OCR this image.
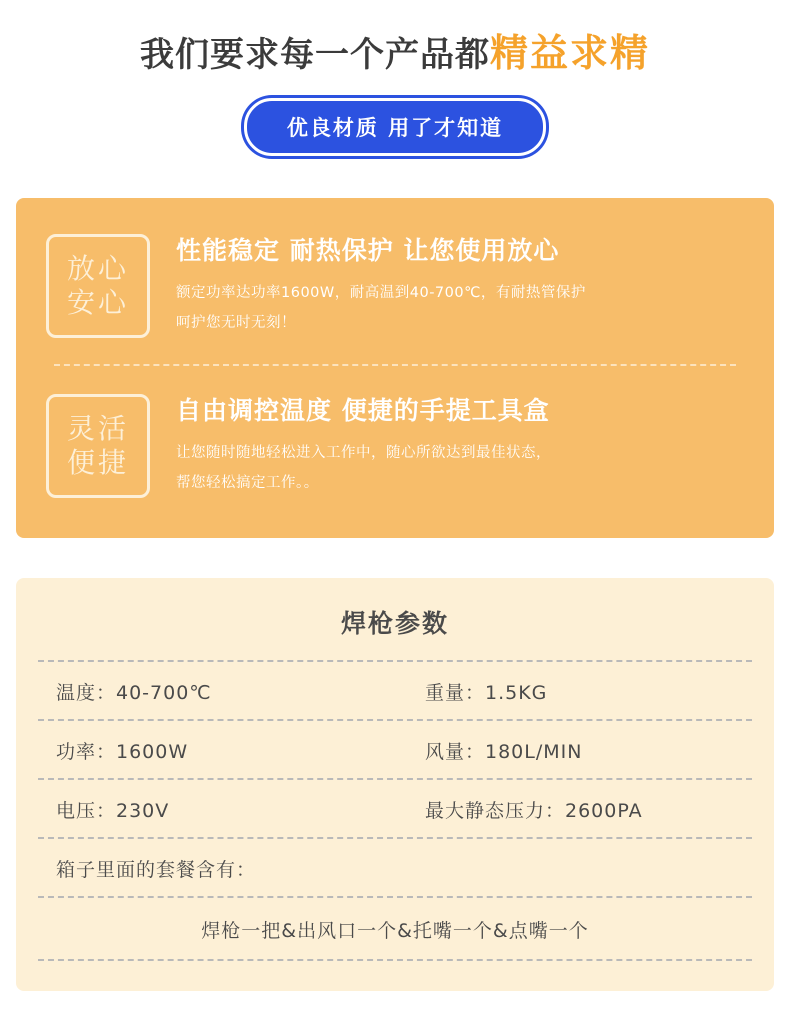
我们要求每一个产品都精益求精
优良材质 用了才知道
放心
安心
性能稳定 耐热保护 让您使用放心
额定功率达功率1600W，耐高温到40-700℃，有耐热管保护
呵护您无时无刻！
灵活
便捷
自由调控温度 便捷的手提工具盒
让您随时随地轻松进入工作中，随心所欲达到最佳状态，
帮您轻松搞定工作。。
焊枪参数
温度：40-700℃	重量：1.5KG
功率：1600W	风量：180L/MIN
电压：230V	最大静态压力：2600PA
箱子里面的套餐含有：
焊枪一把&出风口一个&托嘴一个&点嘴一个
